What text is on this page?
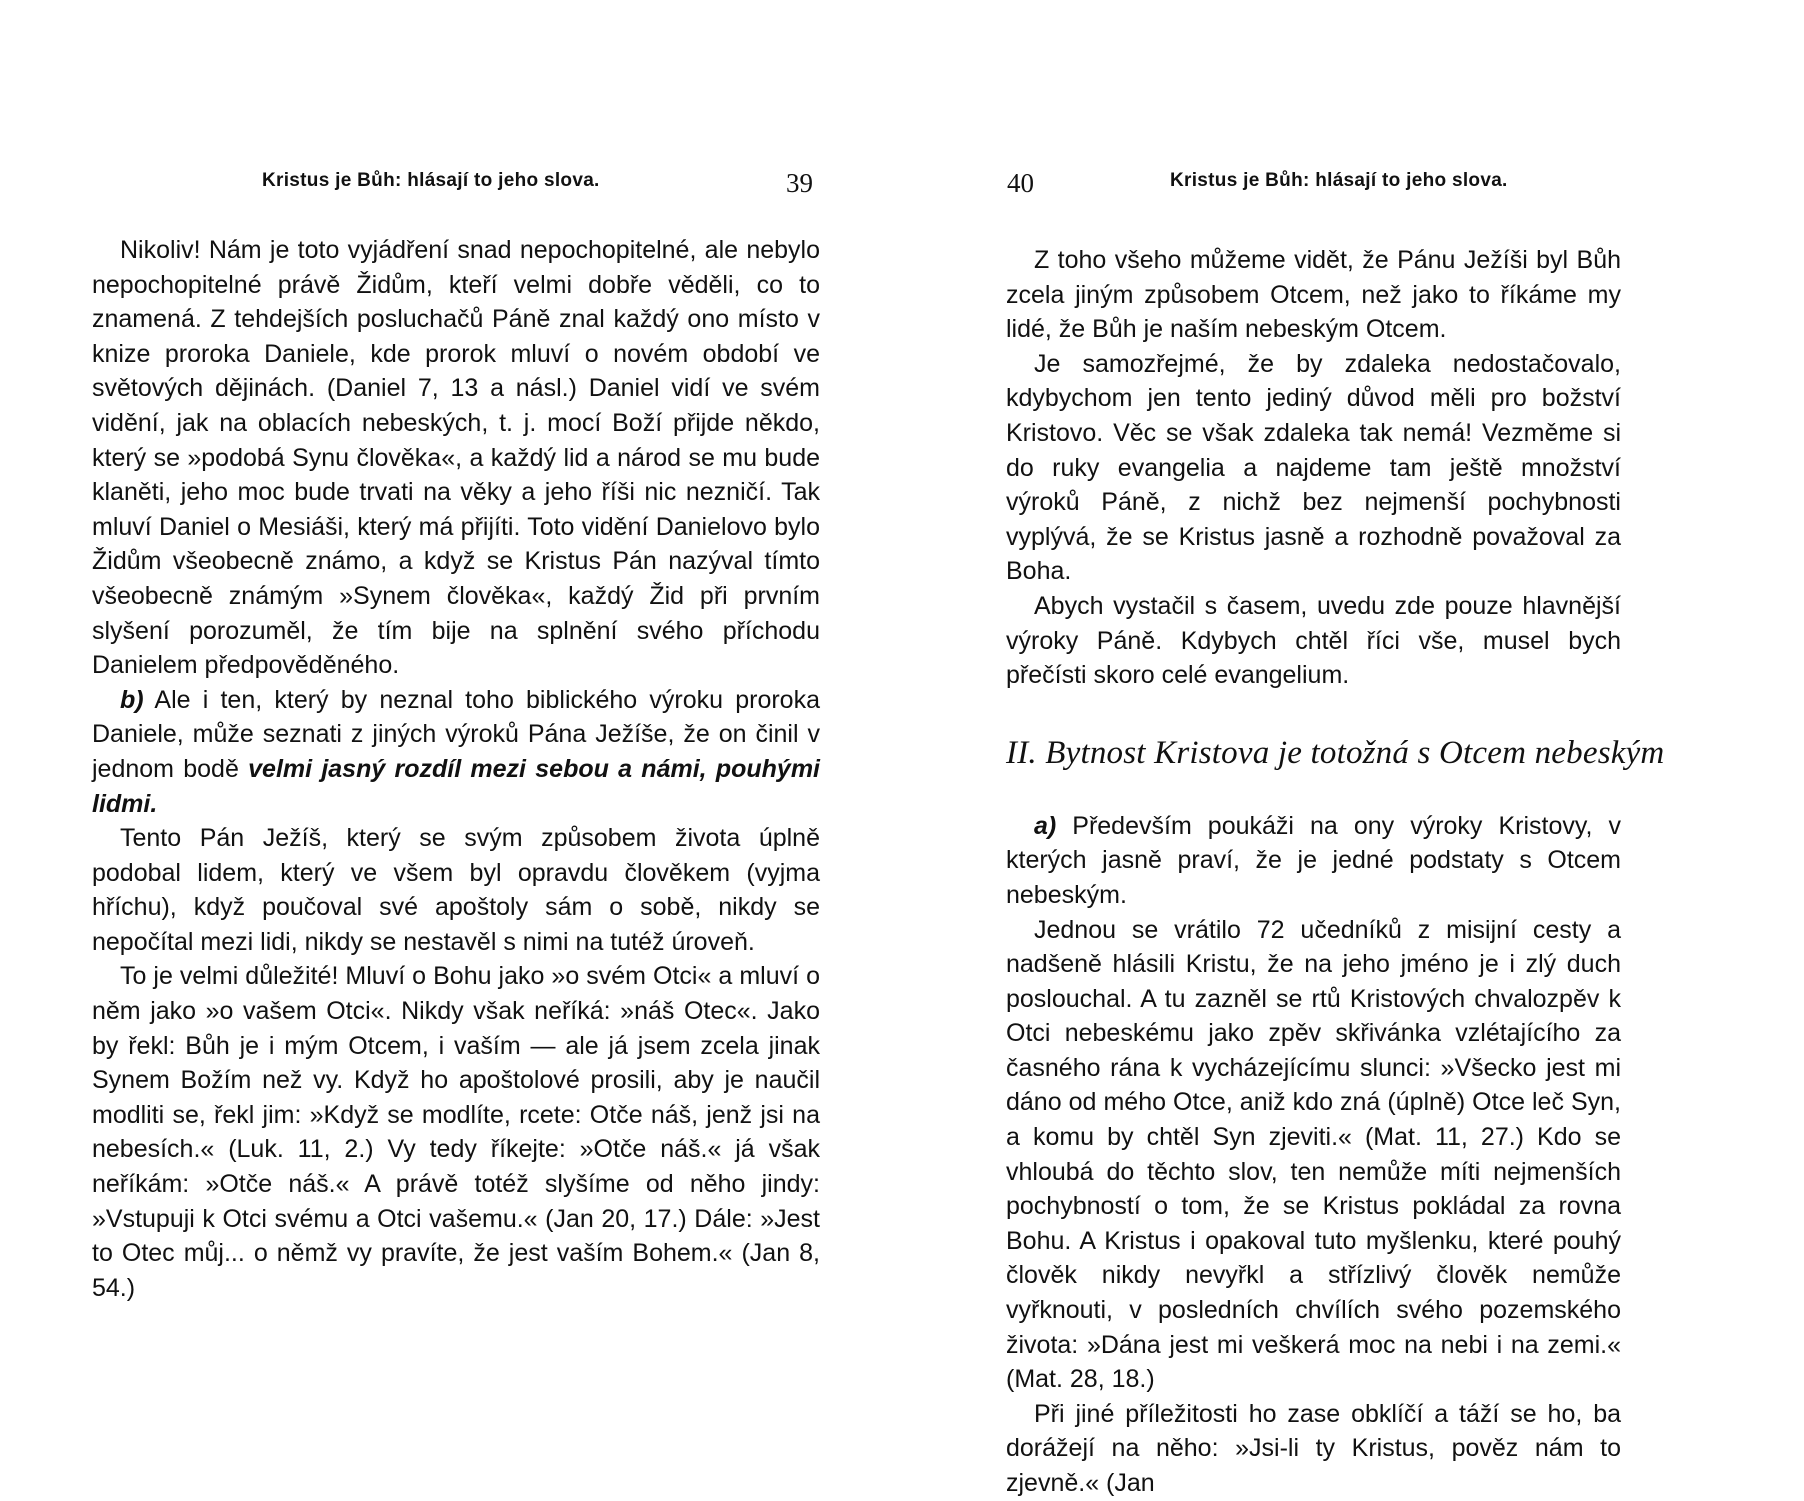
Kristus je Bůh: hlásají to jeho slova.	39

Nikoliv! Nám je toto vyjádření snad nepochopitelné, ale nebylo nepochopitelné právě Židům, kteří velmi dobře věděli, co to znamená. Z tehdejších posluchačů Páně znal každý ono místo v knize proroka Daniele, kde prorok mluví o novém období ve světových dějinách. (Daniel 7, 13 a násl.) Daniel vidí ve svém vidění, jak na oblacích nebeských, t. j. mocí Boží přijde někdo, který se »podobá Synu člověka«, a každý lid a národ se mu bude klaněti, jeho moc bude trvati na věky a jeho říši nic nezničí. Tak mluví Daniel o Mesiáši, který má přijíti. Toto vidění Danielovo bylo Židům všeobecně známo, a když se Kristus Pán nazýval tímto všeobecně známým »Synem člověka«, každý Žid při prvním slyšení porozuměl, že tím bije na splnění svého příchodu Danielem předpověděného.

b) Ale i ten, který by neznal toho biblického výroku proroka Daniele, může seznati z jiných výroků Pána Ježíše, že on činil v jednom bodě velmi jasný rozdíl mezi sebou a námi, pouhými lidmi.

Tento Pán Ježíš, který se svým způsobem života úplně podobal lidem, který ve všem byl opravdu člověkem (vyjma hříchu), když poučoval své apoštoly sám o sobě, nikdy se nepočítal mezi lidi, nikdy se nestavěl s nimi na tutéž úroveň.

To je velmi důležité! Mluví o Bohu jako »o svém Otci« a mluví o něm jako »o vašem Otci«. Nikdy však neříká: »náš Otec«. Jako by řekl: Bůh je i mým Otcem, i vaším — ale já jsem zcela jinak Synem Božím než vy. Když ho apoštolové prosili, aby je naučil modliti se, řekl jim: »Když se modlíte, rcete: Otče náš, jenž jsi na nebesích.« (Luk. 11, 2.) Vy tedy říkejte: »Otče náš.« já však neříkám: »Otče náš.« A právě totéž slyšíme od něho jindy: »Vstupuji k Otci svému a Otci vašemu.« (Jan 20, 17.) Dále: »Jest to Otec můj... o němž vy pravíte, že jest vaším Bohem.« (Jan 8, 54.)

40	Kristus je Bůh: hlásají to jeho slova.

Z toho všeho můžeme vidět, že Pánu Ježíši byl Bůh zcela jiným způsobem Otcem, než jako to říkáme my lidé, že Bůh je naším nebeským Otcem.

Je samozřejmé, že by zdaleka nedostačovalo, kdybychom jen tento jediný důvod měli pro božství Kristovo. Věc se však zdaleka tak nemá! Vezměme si do ruky evangelia a najdeme tam ještě množství výroků Páně, z nichž bez nejmenší pochybnosti vyplývá, že se Kristus jasně a rozhodně považoval za Boha.

Abych vystačil s časem, uvedu zde pouze hlavnější výroky Páně. Kdybych chtěl říci vše, musel bych přečísti skoro celé evangelium.

II. Bytnost Kristova je totožná s Otcem nebeským

a) Především poukáži na ony výroky Kristovy, v kterých jasně praví, že je jedné podstaty s Otcem nebeským.

Jednou se vrátilo 72 učedníků z misijní cesty a nadšeně hlásili Kristu, že na jeho jméno je i zlý duch poslouchal. A tu zazněl se rtů Kristových chvalozpěv k Otci nebeskému jako zpěv skřivánka vzlétajícího za časného rána k vycházejícímu slunci: »Všecko jest mi dáno od mého Otce, aniž kdo zná (úplně) Otce leč Syn, a komu by chtěl Syn zjeviti.« (Mat. 11, 27.) Kdo se vhloubá do těchto slov, ten nemůže míti nejmenších pochybností o tom, že se Kristus pokládal za rovna Bohu. A Kristus i opakoval tuto myšlenku, které pouhý člověk nikdy nevyřkl a střízlivý člověk nemůže vyřknouti, v posledních chvílích svého pozemského života: »Dána jest mi veškerá moc na nebi i na zemi.« (Mat. 28, 18.)

Při jiné příležitosti ho zase obklíčí a táží se ho, ba dorážejí na něho: »Jsi-li ty Kristus, pověz nám to zjevně.« (Jan
